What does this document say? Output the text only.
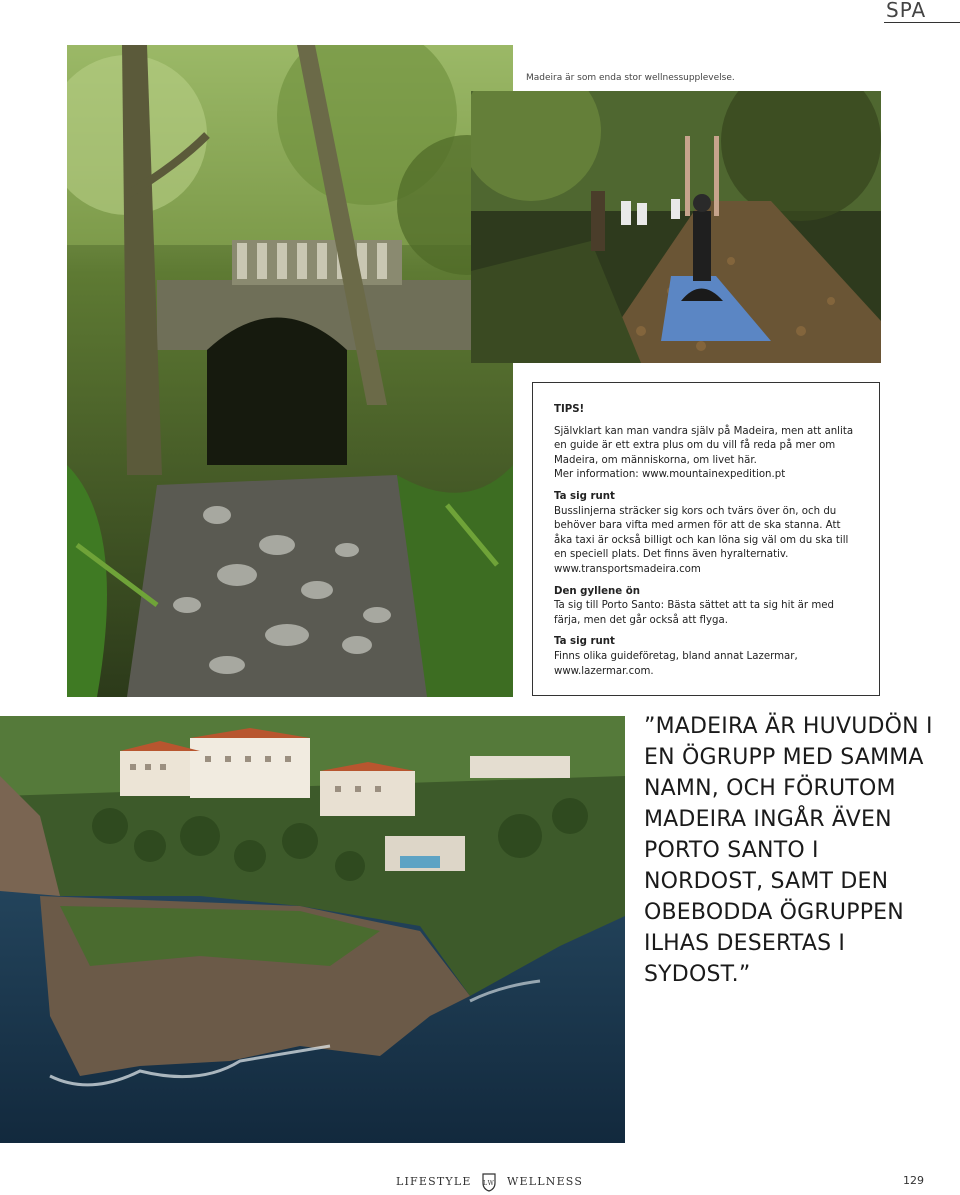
SPA
Madeira är som enda stor wellnessupplevelse.

TIPS!

Självklart kan man vandra själv på Madeira, men att anlita en guide är ett extra plus om du vill få reda på mer om Madeira, om människorna, om livet här.
Mer information: www.mountainexpedition.pt

Ta sig runt
Busslinjerna sträcker sig kors och tvärs över ön, och du behöver bara vifta med armen för att de ska stanna. Att åka taxi är också billigt och kan löna sig väl om du ska till en speciell plats. Det finns även hyralternativ. www.transportsmadeira.com

Den gyllene ön
Ta sig till Porto Santo: Bästa sättet att ta sig hit är med färja, men det går också att flyga.

Ta sig runt
Finns olika guideföretag, bland annat Lazermar, www.lazermar.com.

”MADEIRA ÄR HUVUDÖN I EN ÖGRUPP MED SAMMA NAMN, OCH FÖRUTOM MADEIRA INGÅR ÄVEN PORTO SANTO I NORDOST, SAMT DEN OBEBODDA ÖGRUPPEN ILHAS DESERTAS I SYDOST.”
LIFESTYLE LW WELLNESS	129
